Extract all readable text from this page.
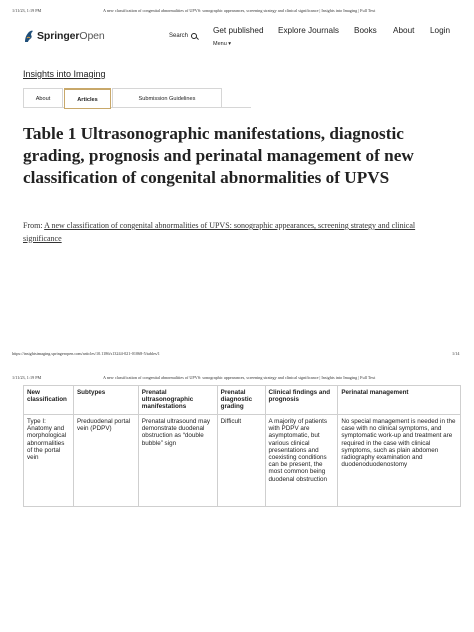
1/11/23, 1:19 PM	A new classification of congenital abnormalities of UPVS: sonographic appearances, screening strategy and clinical significance | Insights into Imaging | Full Text
SpringerOpen	Search
Get published Explore Journals Books About Login
Menu ▾
Insights into Imaging
About	Articles	Submission Guidelines
Table 1 Ultrasonographic manifestations, diagnostic grading, prognosis and perinatal management of new classification of congenital abnormalities of UPVS

From: A new classification of congenital abnormalities of UPVS: sonographic appearances, screening strategy and clinical significance

https://insightsimaging.springeropen.com/articles/10.1186/s13244-021-01068-5/tables/1	1/14
1/11/23, 1:19 PM	A new classification of congenital abnormalities of UPVS: sonographic appearances, screening strategy and clinical significance | Insights into Imaging | Full Text
New classification	Subtypes	Prenatal ultrasonographic manifestations	Prenatal diagnostic grading	Clinical findings and prognosis	Perinatal management
Type I: Anatomy and morphological abnormalities of the portal vein	Preduodenal portal vein (PDPV)	Prenatal ultrasound may demonstrate duodenal obstruction as “double bubble” sign	Difficult	A majority of patients with PDPV are asymptomatic, but various clinical presentations and coexisting conditions can be present, the most common being duodenal obstruction	No special management is needed in the case with no clinical symptoms, and symptomatic work-up and treatment are required in the case with clinical symptoms, such as plain abdomen radiography examination and duodenoduodenostomy
